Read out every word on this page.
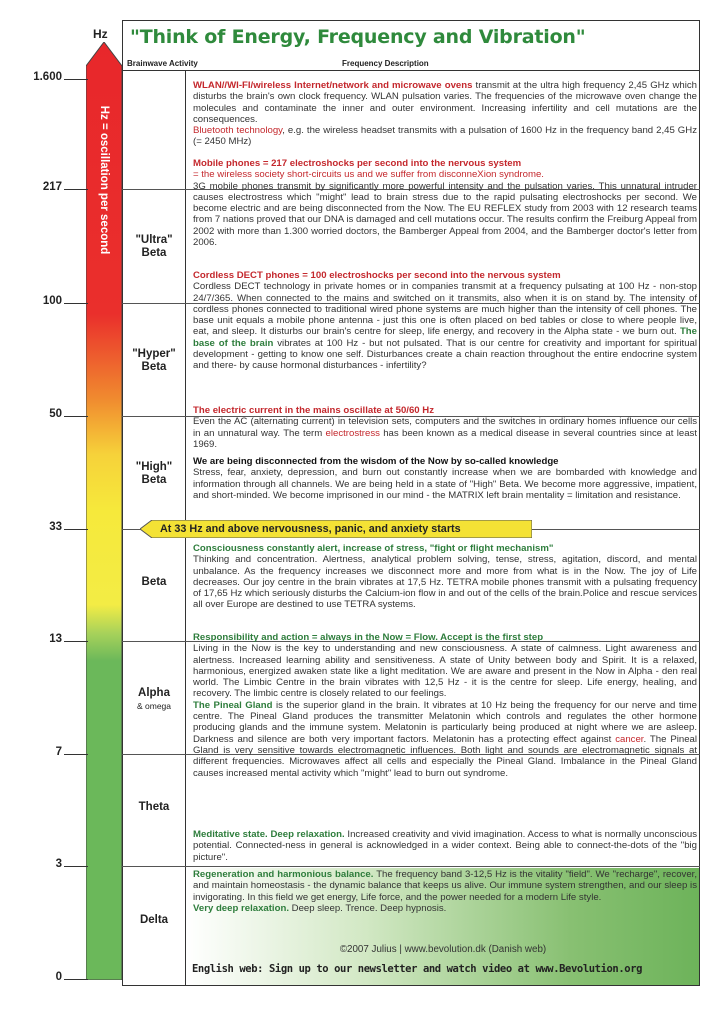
Hz "Think of Energy, Frequency and Vibration"
Brainwave Activity	Frequency Description
Hz = oscillation per second
1.600
217
100
50
33
13
7
3
0
"Ultra"
Beta
"Hyper"
Beta
"High"
Beta
Beta
Alpha
& omega
Theta
Delta

WLAN//WI-FI/wireless Internet/network and microwave ovens transmit at the ultra high frequency 2,45 GHz which disturbs the brain's own clock frequency. WLAN pulsation varies. The frequencies of the microwave oven change the molecules and contaminate the inner and outer environment. Increasing infertility and cell mutations are the consequences.

Bluetooth technology, e.g. the wireless headset transmits with a pulsation of 1600 Hz in the frequency band 2,45 GHz (= 2450 MHz)

Mobile phones = 217 electroshocks per second into the nervous system

= the wireless society short-circuits us and we suffer from disconneXion syndrome.

3G mobile phones transmit by significantly more powerful intensity and the pulsation varies. This unnatural intruder causes electrostress which "might" lead to brain stress due to the rapid pulsating electroshocks per second. We become electric and are being disconnected from the Now. The EU REFLEX study from 2003 with 12 research teams from 7 nations proved that our DNA is damaged and cell mutations occur. The results confirm the Freiburg Appeal from 2002 with more than 1.300 worried doctors, the Bamberger Appeal from 2004, and the Bamberger doctor's letter from 2006.

Cordless DECT phones = 100 electroshocks per second into the nervous system

Cordless DECT technology in private homes or in companies transmit at a frequency pulsating at 100 Hz - non-stop 24/7/365. When connected to the mains and switched on it transmits, also when it is on stand by. The intensity of cordless phones connected to traditional wired phone systems are much higher than the intensity of cell phones. The base unit equals a mobile phone antenna - just this one is often placed on bed tables or close to where people live, eat, and sleep. It disturbs our brain's centre for sleep, life energy, and recovery in the Alpha state - we burn out. The base of the brain vibrates at 100 Hz - but not pulsated. That is our centre for creativity and important for spiritual development - getting to know one self. Disturbances create a chain reaction throughout the entire endocrine system and there- by cause hormonal disturbances - infertility?

The electric current in the mains oscillate at 50/60 Hz

Even the AC (alternating current) in television sets, computers and the switches in ordinary homes influence our cells in an unnatural way. The term electrostress has been known as a medical disease in several countries since at least 1969.

We are being disconnected from the wisdom of the Now by so-called knowledge

Stress, fear, anxiety, depression, and burn out constantly increase when we are bombarded with knowledge and information through all channels. We are being held in a state of "High" Beta. We become more aggressive, impatient, and short-minded. We become imprisoned in our mind - the MATRIX left brain mentality = limitation and resistance.

At 33 Hz and above nervousness, panic, and anxiety starts

Consciousness constantly alert, increase of stress, "fight or flight mechanism"

Thinking and concentration. Alertness, analytical problem solving, tense, stress, agitation, discord, and mental unbalance. As the frequency increases we disconnect more and more from what is in the Now. The joy of Life decreases. Our joy centre in the brain vibrates at 17,5 Hz. TETRA mobile phones transmit with a pulsating frequency of 17,65 Hz which seriously disturbs the Calcium-ion flow in and out of the cells of the brain.Police and rescue services all over Europe are destined to use TETRA systems.

Responsibility and action = always in the Now = Flow. Accept is the first step

Living in the Now is the key to understanding and new consciousness. A state of calmness. Light awareness and alertness. Increased learning ability and sensitiveness. A state of Unity between body and Spirit. It is a relaxed, harmonious, energized awaken state like a light meditation. We are aware and present in the Now in Alpha - den real world. The Limbic Centre in the brain vibrates with 12,5 Hz - it is the centre for sleep. Life energy, healing, and recovery. The limbic centre is closely related to our feelings.

The Pineal Gland is the superior gland in the brain. It vibrates at 10 Hz being the frequency for our nerve and time centre. The Pineal Gland produces the transmitter Melatonin which controls and regulates the other hormone producing glands and the immune system. Melatonin is particularly being produced at night where we are asleep. Darkness and silence are both very important factors. Melatonin has a protecting effect against cancer. The Pineal Gland is very sensitive towards electromagnetic influences. Both light and sounds are electromagnetic signals at different frequencies. Microwaves affect all cells and especially the Pineal Gland. Imbalance in the Pineal Gland causes increased mental activity which "might" lead to burn out syndrome.

Meditative state. Deep relaxation. Increased creativity and vivid imagination. Access to what is normally unconscious potential. Connected-ness in general is acknowledged in a wider context. Being able to connect-the-dots of the "big picture".

Regeneration and harmonious balance. The frequency band 3-12,5 Hz is the vitality "field". We "recharge", recover, and maintain homeostasis - the dynamic balance that keeps us alive. Our immune system strengthen, and our sleep is invigorating. In this field we get energy, Life force, and the power needed for a modern Life style.

Very deep relaxation. Deep sleep. Trence. Deep hypnosis.

©2007 Julius | www.bevolution.dk (Danish web)
English web: Sign up to our newsletter and watch video at www.Bevolution.org
